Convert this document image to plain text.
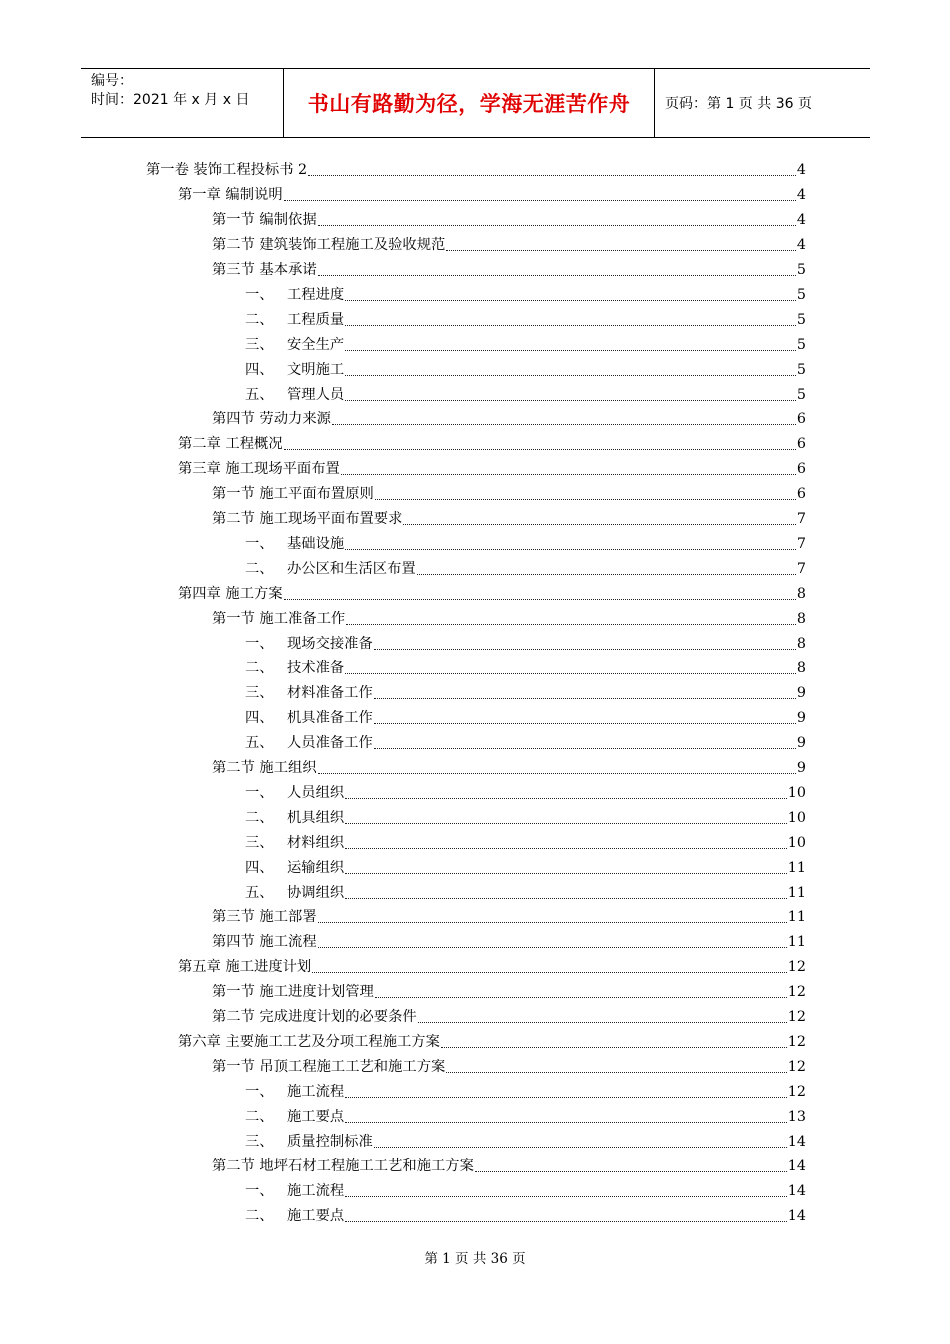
编号：
时间：2021 年 x 月 x 日	书山有路勤为径，学海无涯苦作舟	页码：第 1 页 共 36 页
第一卷 装饰工程投标书 2	4
第一章 编制说明	4
第一节 编制依据	4
第二节 建筑装饰工程施工及验收规范	4
第三节 基本承诺	5
一、 工程进度	5
二、 工程质量	5
三、 安全生产	5
四、 文明施工	5
五、 管理人员	5
第四节 劳动力来源	6
第二章 工程概况	6
第三章 施工现场平面布置	6
第一节 施工平面布置原则	6
第二节 施工现场平面布置要求	7
一、 基础设施	7
二、 办公区和生活区布置	7
第四章 施工方案	8
第一节 施工准备工作	8
一、 现场交接准备	8
二、 技术准备	8
三、 材料准备工作	9
四、 机具准备工作	9
五、 人员准备工作	9
第二节 施工组织	9
一、 人员组织	10
二、 机具组织	10
三、 材料组织	10
四、 运输组织	11
五、 协调组织	11
第三节 施工部署	11
第四节 施工流程	11
第五章 施工进度计划	12
第一节 施工进度计划管理	12
第二节 完成进度计划的必要条件	12
第六章 主要施工工艺及分项工程施工方案	12
第一节 吊顶工程施工工艺和施工方案	12
一、 施工流程	12
二、 施工要点	13
三、 质量控制标准	14
第二节 地坪石材工程施工工艺和施工方案	14
一、 施工流程	14
二、 施工要点	14
第 1 页 共 36 页
